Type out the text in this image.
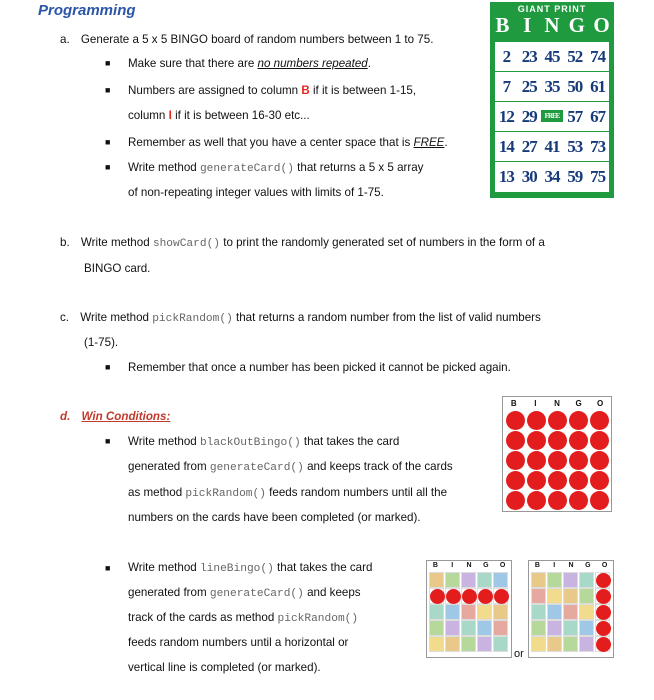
Programming
a. Generate a 5 x 5 BINGO board of random numbers between 1 to 75.
■ Make sure that there are no numbers repeated.
■ Numbers are assigned to column B if it is between 1-15,
column I if it is between 16-30 etc...
■ Remember as well that you have a center space that is FREE.
■ Write method generateCard() that returns a 5 x 5 array
of non-repeating integer values with limits of 1-75.
GIANT PRINT
B I N G O
2 23 45 52 74
7 25 35 50 61
12 29	FREE 57 67
14 27 41 53 73
13 30 34 59 75
b. Write method showCard() to print the randomly generated set of numbers in the form of a
BINGO card.
c. Write method pickRandom() that returns a random number from the list of valid numbers
(1-75).
■ Remember that once a number has been picked it cannot be picked again.
d. Win Conditions:
■ Write method blackOutBingo() that takes the card
generated from generateCard() and keeps track of the cards
as method pickRandom() feeds random numbers until all the
numbers on the cards have been completed (or marked).
B	I	N	G	O
■ Write method lineBingo() that takes the card
generated from generateCard() and keeps
track of the cards as method pickRandom()
feeds random numbers until a horizontal or
vertical line is completed (or marked).
B	I	N	G	O
or
B	I	N	G	O
